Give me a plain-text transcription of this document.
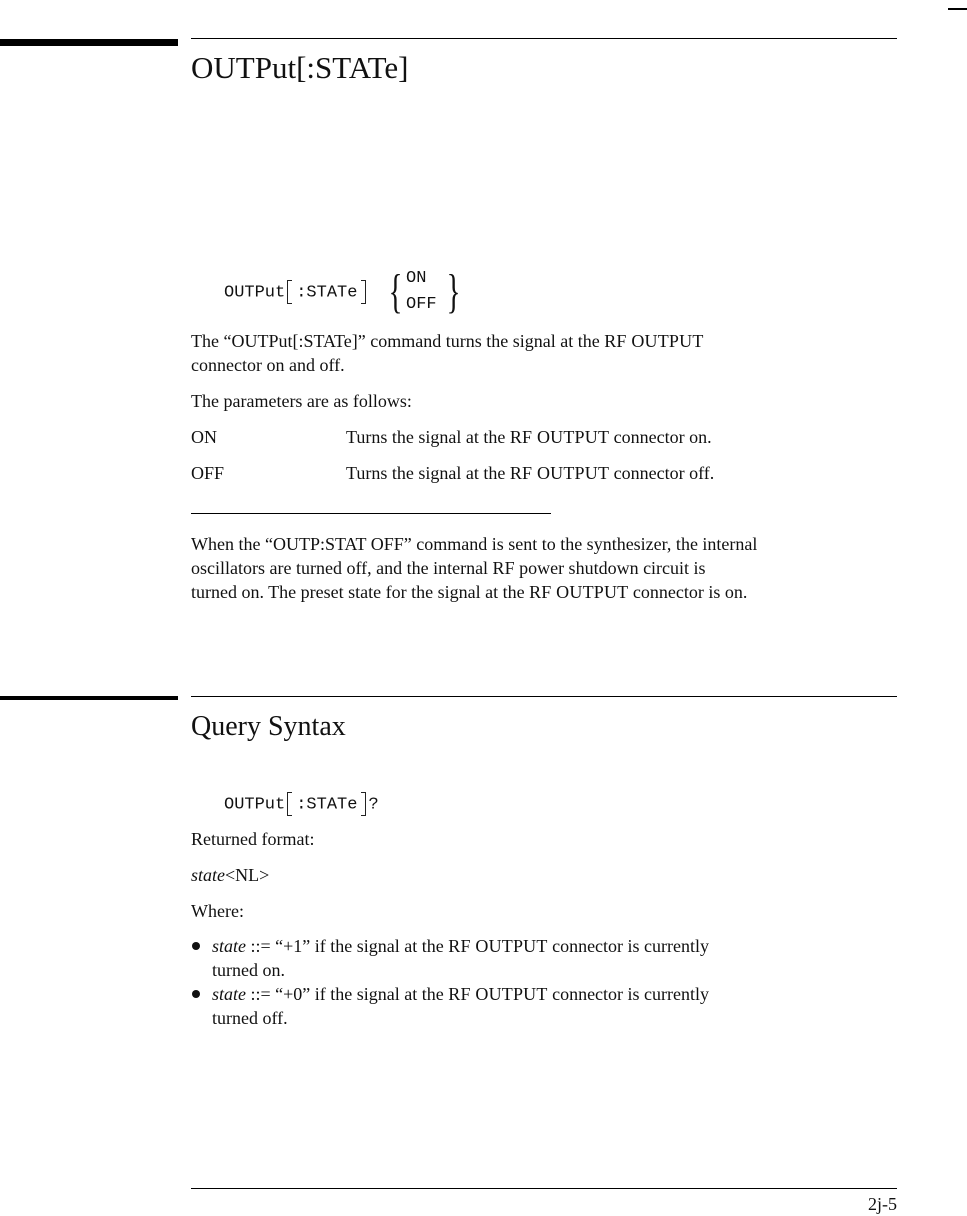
OUTPut[:STATe]
OUTPut :STATe { ON
OFF }
The “OUTPut[:STATe]” command turns the signal at the RF OUTPUT
connector on and off.
The parameters are as follows:
ON	Turns the signal at the RF OUTPUT connector on.
OFF	Turns the signal at the RF OUTPUT connector off.
When the “OUTP:STAT OFF” command is sent to the synthesizer, the internal
oscillators are turned off, and the internal RF power shutdown circuit is
turned on. The preset state for the signal at the RF OUTPUT connector is on.
Query Syntax
OUTPut :STATe ?
Returned format:
state<NL>
Where:
state ::= “+1” if the signal at the RF OUTPUT connector is currently
turned on.
state ::= “+0” if the signal at the RF OUTPUT connector is currently
turned off.
2j-5
